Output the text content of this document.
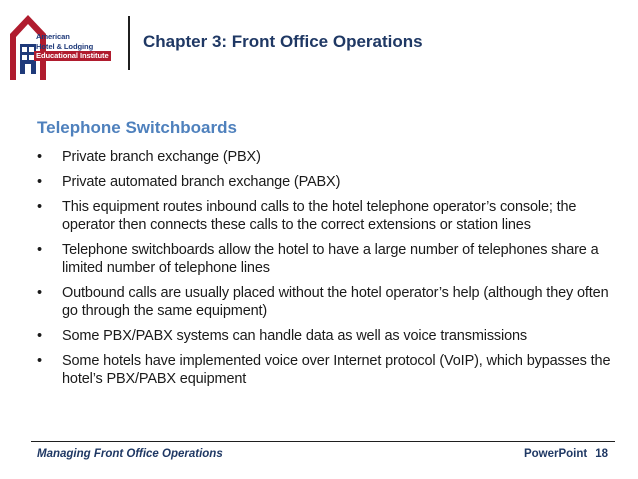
American
Hotel & Lodging
Educational Institute
Chapter 3: Front Office Operations
Telephone Switchboards
• Private branch exchange (PBX)
• Private automated branch exchange (PABX)
• This equipment routes inbound calls to the hotel telephone operator’s console; the operator then connects these calls to the correct extensions or station lines
• Telephone switchboards allow the hotel to have a large number of telephones share a limited number of telephone lines
• Outbound calls are usually placed without the hotel operator’s help (although they often go through the same equipment)
• Some PBX/PABX systems can handle data as well as voice transmissions
• Some hotels have implemented voice over Internet protocol (VoIP), which bypasses the hotel’s PBX/PABX equipment

Managing Front Office Operations	PowerPoint 18
